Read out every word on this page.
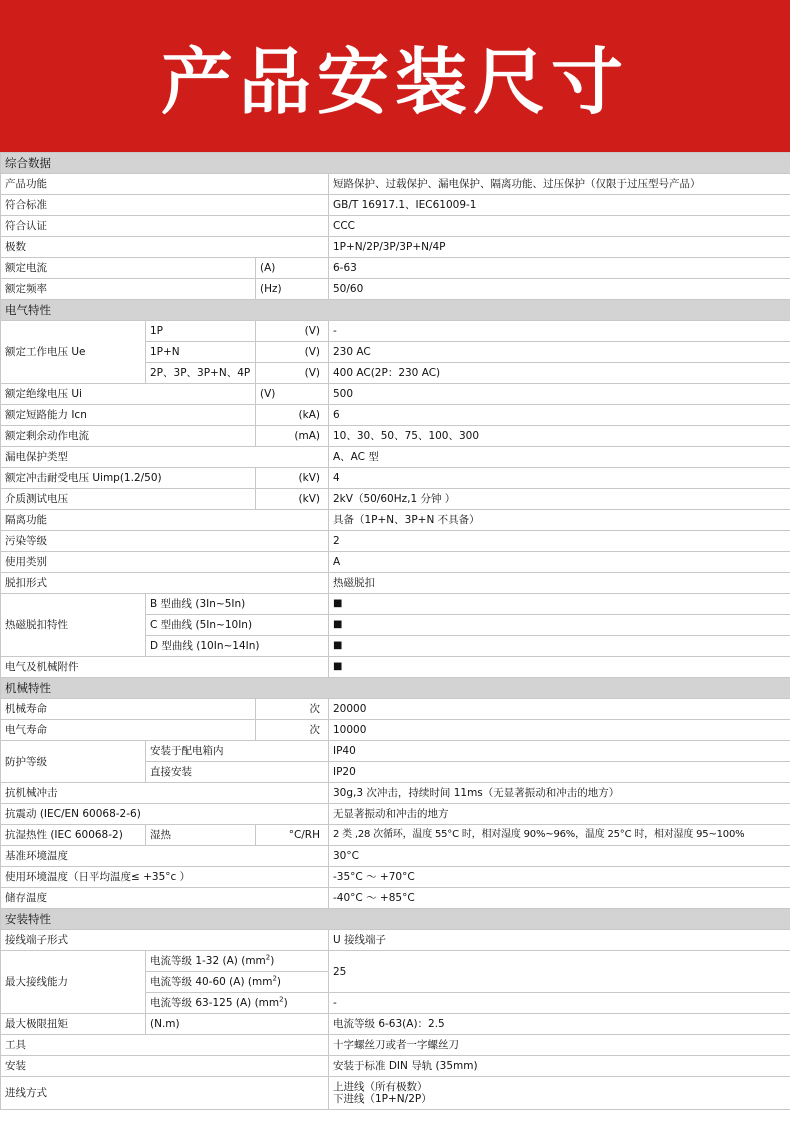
产品安装尺寸
综合数据			
产品功能			短路保护、过载保护、漏电保护、隔离功能、过压保护（仅限于过压型号产品）
符合标准			GB/T 16917.1、IEC61009-1
符合认证			CCC
极数			1P+N/2P/3P/3P+N/4P
额定电流		(A)	6-63
额定频率		(Hz)	50/60
电气特性			
额定工作电压 Ue	1P	(V)	-
	1P+N	(V)	230 AC
	2P、3P、3P+N、4P	(V)	400 AC(2P：230 AC)
额定绝缘电压 Ui		(V)	500
额定短路能力 Icn		(kA)	6
额定剩余动作电流		(mA)	10、30、50、75、100、300
漏电保护类型			A、AC 型
额定冲击耐受电压 Uimp(1.2/50)		(kV)	4
介质测试电压		(kV)	2kV（50/60Hz,1 分钟 ）
隔离功能			具备（1P+N、3P+N 不具备）
污染等级			2
使用类别			A
脱扣形式			热磁脱扣
热磁脱扣特性	B 型曲线 (3In~5In)		■
	C 型曲线 (5In~10In)		■
	D 型曲线 (10In~14In)		■
电气及机械附件			■
机械特性			
机械寿命		次	20000
电气寿命		次	10000
防护等级	安装于配电箱内		IP40
	直接安装		IP20
抗机械冲击			30g,3 次冲击，持续时间 11ms（无显著振动和冲击的地方）
抗震动 (IEC/EN 60068-2-6)			无显著振动和冲击的地方
抗湿热性 (IEC 60068-2)	湿热	°C/RH	2 类 ,28 次循环，温度 55°C 时，相对湿度 90%~96%，温度 25°C 时，相对湿度 95~100%
基准环境温度			30°C
使用环境温度（日平均温度≤ +35°c ）			-35°C ～ +70°C
储存温度			-40°C ～ +85°C
安装特性			
接线端子形式			U 接线端子
最大接线能力	电流等级 1-32 (A) $(mm^2)$		25
	电流等级 40-60 (A) $(mm^2)$		
	电流等级 63-125 (A) $(mm^2)$		-
最大极限扭矩	(N.m)		电流等级 6-63(A)：2.5
工具			十字螺丝刀或者一字螺丝刀
安装			安装于标准 DIN 导轨 (35mm)
进线方式			上进线（所有极数）
下进线（1P+N/2P）
